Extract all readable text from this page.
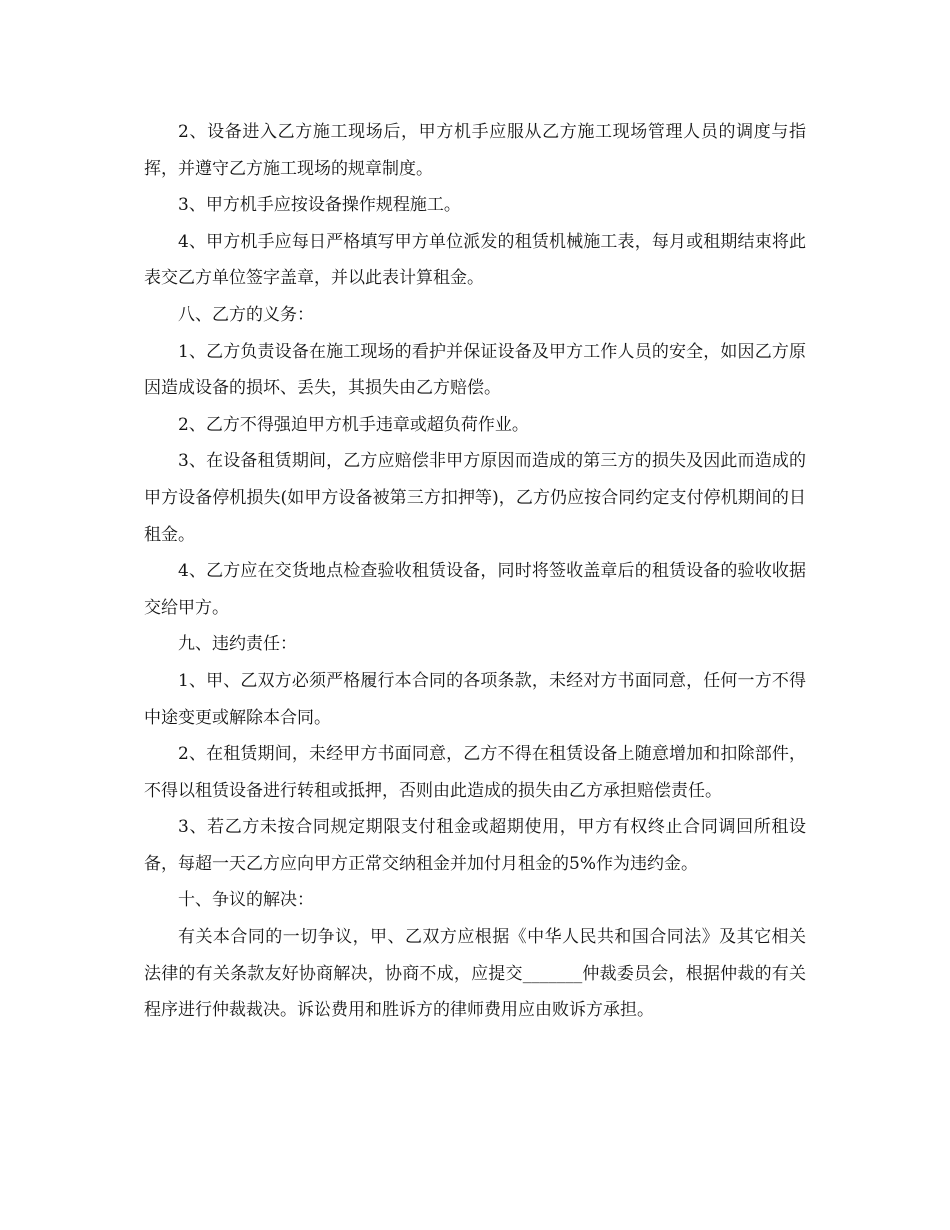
2、设备进入乙方施工现场后，甲方机手应服从乙方施工现场管理人员的调度与指挥，并遵守乙方施工现场的规章制度。

3、甲方机手应按设备操作规程施工。

4、甲方机手应每日严格填写甲方单位派发的租赁机械施工表，每月或租期结束将此表交乙方单位签字盖章，并以此表计算租金。

八、乙方的义务：

1、乙方负责设备在施工现场的看护并保证设备及甲方工作人员的安全，如因乙方原因造成设备的损坏、丢失，其损失由乙方赔偿。

2、乙方不得强迫甲方机手违章或超负荷作业。

3、在设备租赁期间，乙方应赔偿非甲方原因而造成的第三方的损失及因此而造成的甲方设备停机损失(如甲方设备被第三方扣押等)，乙方仍应按合同约定支付停机期间的日租金。

4、乙方应在交货地点检查验收租赁设备，同时将签收盖章后的租赁设备的验收收据交给甲方。

九、违约责任：

1、甲、乙双方必须严格履行本合同的各项条款，未经对方书面同意，任何一方不得中途变更或解除本合同。

2、在租赁期间，未经甲方书面同意，乙方不得在租赁设备上随意增加和扣除部件，不得以租赁设备进行转租或抵押，否则由此造成的损失由乙方承担赔偿责任。

3、若乙方未按合同规定期限支付租金或超期使用，甲方有权终止合同调回所租设备，每超一天乙方应向甲方正常交纳租金并加付月租金的5%作为违约金。

十、争议的解决：

有关本合同的一切争议，甲、乙双方应根据《中华人民共和国合同法》及其它相关法律的有关条款友好协商解决，协商不成，应提交_______仲裁委员会，根据仲裁的有关程序进行仲裁裁决。诉讼费用和胜诉方的律师费用应由败诉方承担。
